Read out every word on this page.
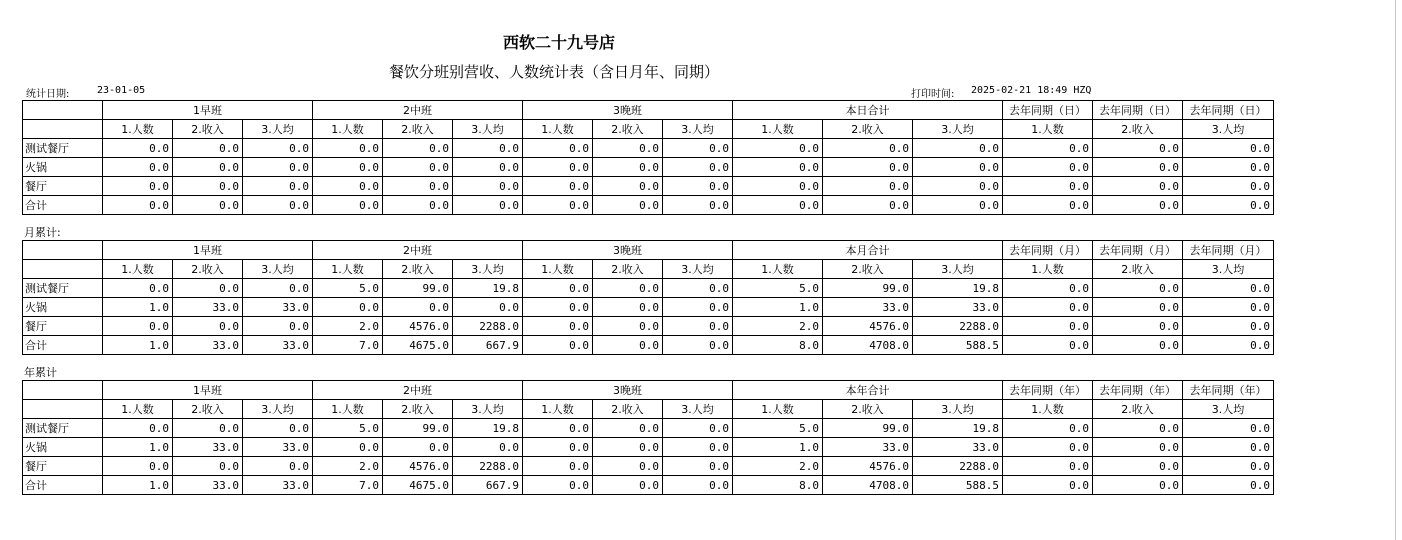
西软二十九号店
餐饮分班别营收、人数统计表（含日月年、同期）
统计日期:	23-01-05	打印时间: 2025-02-21 18:49 HZQ
月累计:
年累计
	1早班			2中班			3晚班			本日合计			去年同期（日）	去年同期（日）	去年同期（日）
	1.人数	2.收入	3.人均	1.人数	2.收入	3.人均	1.人数	2.收入	3.人均	1.人数	2.收入	3.人均	1.人数	2.收入	3.人均
测试餐厅	0.0	0.0	0.0	0.0	0.0	0.0	0.0	0.0	0.0	0.0	0.0	0.0	0.0	0.0	0.0
火锅	0.0	0.0	0.0	0.0	0.0	0.0	0.0	0.0	0.0	0.0	0.0	0.0	0.0	0.0	0.0
餐厅	0.0	0.0	0.0	0.0	0.0	0.0	0.0	0.0	0.0	0.0	0.0	0.0	0.0	0.0	0.0
合计	0.0	0.0	0.0	0.0	0.0	0.0	0.0	0.0	0.0	0.0	0.0	0.0	0.0	0.0	0.0
	1早班			2中班			3晚班			本月合计			去年同期（月）	去年同期（月）	去年同期（月）
	1.人数	2.收入	3.人均	1.人数	2.收入	3.人均	1.人数	2.收入	3.人均	1.人数	2.收入	3.人均	1.人数	2.收入	3.人均
测试餐厅	0.0	0.0	0.0	5.0	99.0	19.8	0.0	0.0	0.0	5.0	99.0	19.8	0.0	0.0	0.0
火锅	1.0	33.0	33.0	0.0	0.0	0.0	0.0	0.0	0.0	1.0	33.0	33.0	0.0	0.0	0.0
餐厅	0.0	0.0	0.0	2.0	4576.0	2288.0	0.0	0.0	0.0	2.0	4576.0	2288.0	0.0	0.0	0.0
合计	1.0	33.0	33.0	7.0	4675.0	667.9	0.0	0.0	0.0	8.0	4708.0	588.5	0.0	0.0	0.0
	1早班			2中班			3晚班			本年合计			去年同期（年）	去年同期（年）	去年同期（年）
	1.人数	2.收入	3.人均	1.人数	2.收入	3.人均	1.人数	2.收入	3.人均	1.人数	2.收入	3.人均	1.人数	2.收入	3.人均
测试餐厅	0.0	0.0	0.0	5.0	99.0	19.8	0.0	0.0	0.0	5.0	99.0	19.8	0.0	0.0	0.0
火锅	1.0	33.0	33.0	0.0	0.0	0.0	0.0	0.0	0.0	1.0	33.0	33.0	0.0	0.0	0.0
餐厅	0.0	0.0	0.0	2.0	4576.0	2288.0	0.0	0.0	0.0	2.0	4576.0	2288.0	0.0	0.0	0.0
合计	1.0	33.0	33.0	7.0	4675.0	667.9	0.0	0.0	0.0	8.0	4708.0	588.5	0.0	0.0	0.0
